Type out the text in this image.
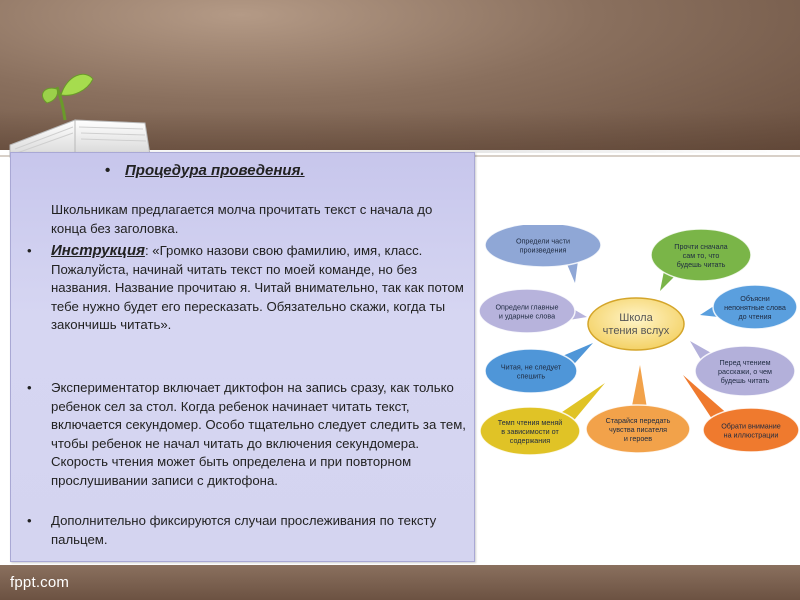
• Процедура проведения.
Школьникам предлагается молча прочитать текст с начала до конца без заголовка.
• Инструкция: «Громко назови свою фамилию, имя, класс. Пожалуйста, начинай читать текст по моей команде, но без названия. Название прочитаю я. Читай внимательно, так как потом тебе нужно будет его пересказать. Обязательно скажи, когда ты закончишь читать».
• Экспериментатор включает диктофон на запись сразу, как только ребенок сел за стол. Когда ребенок начинает читать текст, включается секундомер. Особо тщательно следует следить за тем, чтобы ребенок не начал читать до включения секундомера. Скорость чтения может быть определена и при повторном прослушивании записи с диктофона.
• Дополнительно фиксируются случаи прослеживания по тексту пальцем.
Определи части
произведения	Прочти сначала
сам то, что
будешь читать
Определи главные
и ударные слова
Объясни
непонятные слова
до чтения
Читая, не следует
спешить
Перед чтением
расскажи, о чем
будешь читать
Темп чтения меняй
в зависимости от
содержания
Старайся передать
чувства писателя
и героев
Обрати внимание
на иллюстрации
Школа
чтения вслух
fppt.com
